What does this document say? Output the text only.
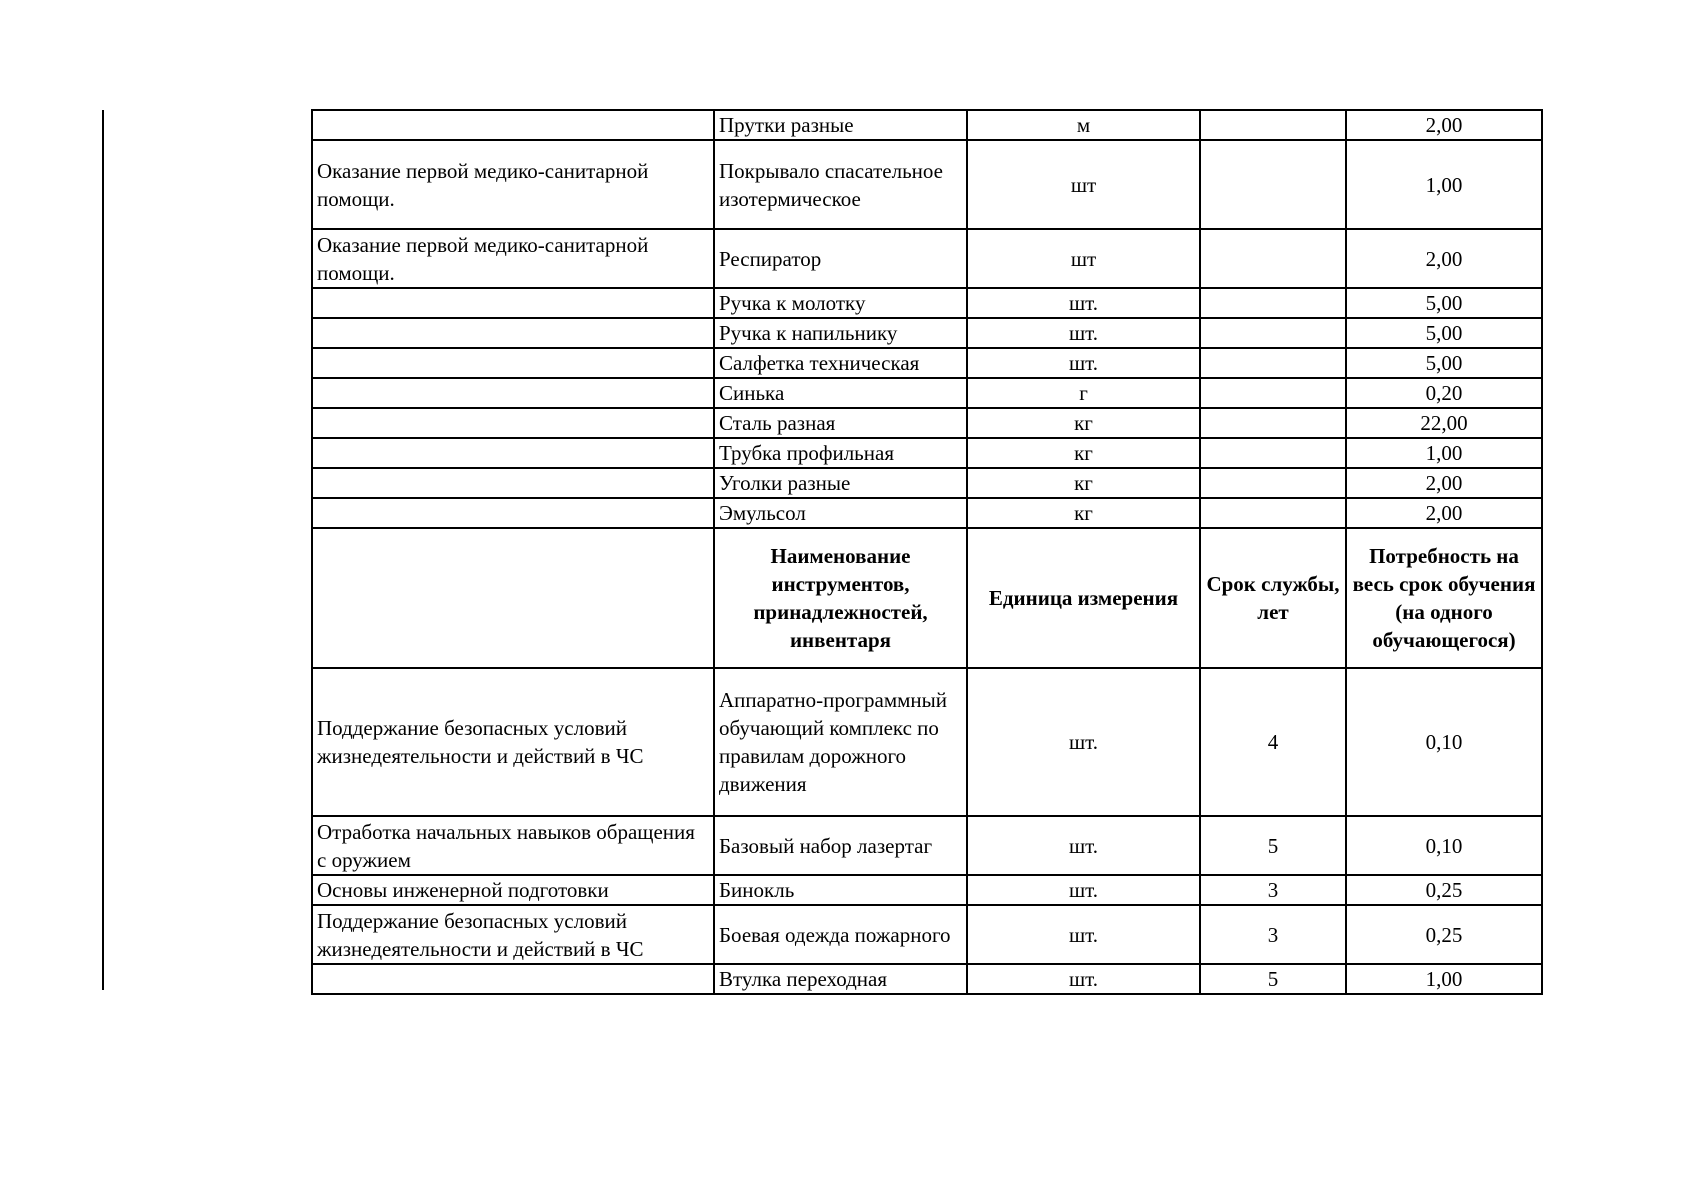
	Прутки разные	м		2,00
Оказание первой медико-санитарной помощи.	Покрывало спасательное изотермическое	шт		1,00
Оказание первой медико-санитарной помощи.	Респиратор	шт		2,00
	Ручка к молотку	шт.		5,00
	Ручка к напильнику	шт.		5,00
	Салфетка техническая	шт.		5,00
	Синька	г		0,20
	Сталь разная	кг		22,00
	Трубка профильная	кг		1,00
	Уголки разные	кг		2,00
	Эмульсол	кг		2,00
	Наименование инструментов, принадлежностей, инвентаря	Единица измерения	Срок службы, лет	Потребность на весь срок обучения (на одного обучающегося)
Поддержание безопасных условий жизнедеятельности и действий в ЧС	Аппаратно-программный обучающий комплекс по правилам дорожного движения	шт.	4	0,10
Отработка начальных навыков обращения с оружием	Базовый набор лазертаг	шт.	5	0,10
Основы инженерной подготовки	Бинокль	шт.	3	0,25
Поддержание безопасных условий жизнедеятельности и действий в ЧС	Боевая одежда пожарного	шт.	3	0,25
	Втулка переходная	шт.	5	1,00
